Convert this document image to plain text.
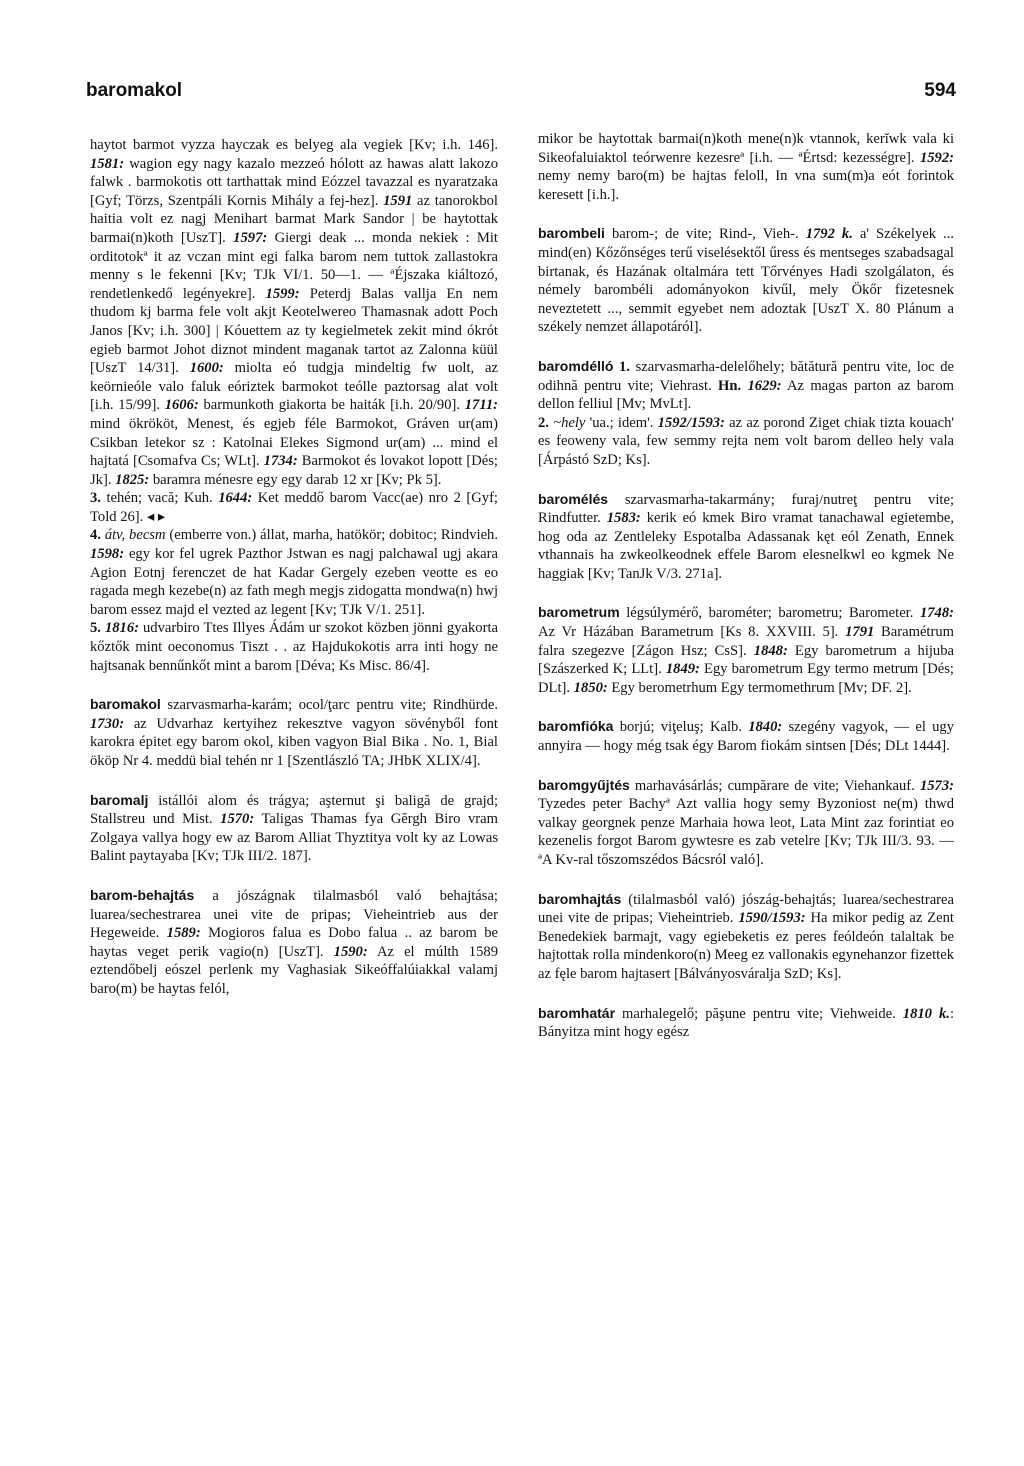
baromakol	594

haytot barmot vyzza hayczak es belyeg ala vegiek [Kv; i.h. 146]. 1581: wagion egy nagy kazalo mezzeó hólott az hawas alatt lakozo falwk . barmokotis ott tarthattak mind Eózzel tavazzal es nyaratzaka [Gyf; Törzs, Szentpáli Kornis Mihály a fej-hez]. 1591 az tanorokbol haitia volt ez nagj Menihart barmat Mark Sandor | be haytottak barmai(n)koth [UszT]. 1597: Giergi deak ... monda nekiek : Mit orditotokª it az vczan mint egi falka barom nem tuttok zallastokra menny s le fekenni [Kv; TJk VI/1. 50—1. — ªÉjszaka kiáltozó, rendetlenkedő legényekre]. 1599: Peterdj Balas vallja En nem thudom kj barma fele volt akjt Keotelwereo Thamasnak adott Poch Janos [Kv; i.h. 300] | Kóuettem az ty kegielmetek zekit mind ókrót egieb barmot Johot diznot mindent maganak tartot az Zalonna küül [UszT 14/31]. 1600: miolta eó tudgja mindeltig fw uolt, az keörnieóle valo faluk eóriztek barmokot teólle paztorsag alat volt [i.h. 15/99]. 1606: barmunkoth giakorta be haiták [i.h. 20/90]. 1711: mind ökrököt, Menest, és egjeb féle Barmokot, Gráven ur(am) Csikban letekor sz : Katolnai Elekes Sigmond ur(am) ... mind el hajtatá [Csomafva Cs; WLt]. 1734: Barmokot és lovakot lopott [Dés; Jk]. 1825: baramra ménesre egy egy darab 12 xr [Kv; Pk 5].

3. tehén; vacă; Kuh. 1644: Ket meddő barom Vacc(ae) nro 2 [Gyf; Told 26]. ◂ ▸

4. átv, becsm (emberre von.) állat, marha, hatökör; dobitoc; Rindvieh. 1598: egy kor fel ugrek Pazthor Jstwan es nagj palchawal ugj akara Agion Eotnj ferenczet de hat Kadar Gergely ezeben veotte es eo ragada megh kezebe(n) az fath megh megjs zidogatta mondwa(n) hwj barom essez majd el vezted az legent [Kv; TJk V/1. 251].

5. 1816: udvarbiro Ttes Illyes Ádám ur szokot közben jönni gyakorta kőztők mint oeconomus Tiszt . . az Hajdukokotis arra inti hogy ne hajtsanak bennűnkőt mint a barom [Déva; Ks Misc. 86/4].

baromakol szarvasmarha-karám; ocol/ţarc pentru vite; Rindhürde. 1730: az Udvarhaz kertyihez rekesztve vagyon sövényből font karokra épitet egy barom okol, kiben vagyon Bial Bika . No. 1, Bial ököр Nr 4. meddü bial tehén nr 1 [Szentlászló TA; JHbK XLIX/4].

baromalj istállói alom és trágya; aşternut şi baligă de grajd; Stallstreu und Mist. 1570: Taligas Thamas fya Gĕrgh Biro vram Zolgaya vallya hogy ew az Barom Alliat Thyztitya volt ky az Lowas Balint paytayaba [Kv; TJk III/2. 187].

barom-behajtás a jószágnak tilalmasból való behajtása; luarea/sechestrarea unei vite de pripas; Vieheintrieb aus der Hegeweide. 1589: Mogioros falua es Dobo falua .. az barom be haytas veget perik vagio(n) [UszT]. 1590: Az el múlth 1589 eztendőbelj eószel perlenk my Vaghasiak Sikeóffalúiakkal valamj baro(m) be haytas felól,

mikor be haytottak barmai(n)koth mene(n)k vtannok, kerĭwk vala ki Sikeofaluiaktol teórwenre kezesreª [i.h. — ªÉrtsd: kezességre]. 1592: nemy nemy baro(m) be hajtas feloll, In vna sum(m)a eót forintok keresett [i.h.].

barombeli barom-; de vite; Rind-, Vieh-. 1792 k. a' Székelyek ... mind(en) Kőzőnséges terű viselésektől űress és mentseges szabadsagal birtanak, és Hazának oltalmára tett Tőrvényes Hadi szolgálaton, és némely barombéli adományokon kivűl, mely Ökőr fizetesnek neveztetett ..., semmit egyebet nem adoztak [UszT X. 80 Plánum a székely nemzet állapotáról].

baromdélló 1. szarvasmarha-delelőhely; bătătură pentru vite, loc de odihnă pentru vite; Viehrast. Hn. 1629: Az magas parton az barom dellon felliul [Mv; MvLt].

2. ~hely 'ua.; idem'. 1592/1593: az az porond Ziget chiak tizta kouach' es feoweny vala, few semmy rejta nem volt barom delleo hely vala [Árpástó SzD; Ks].

baromélés szarvasmarha-takarmány; furaj/nutreţ pentru vite; Rindfutter. 1583: kerik eó kmek Biro vramat tanachawal egietembe, hog oda az Zentleleky Espotalba Adassanak kęt eól Zenath, Ennek vthannais ha zwkeolkeodnek effele Barom elesnelkwl eo kgmek Ne haggiak [Kv; TanJk V/3. 271a].

barometrum légsúlymérő, barométer; barometru; Barometer. 1748: Az Vr Házában Barametrum [Ks 8. XXVIII. 5]. 1791 Baramétrum falra szegezve [Zágon Hsz; CsS]. 1848: Egy barometrum a hijuba [Szászerked K; LLt]. 1849: Egy barometrum Egy termo metrum [Dés; DLt]. 1850: Egy berometrhum Egy termomethrum [Mv; DF. 2].

baromfióka borjú; viţeluş; Kalb. 1840: szegény vagyok, — el ugy annyira — hogy még tsak égy Barom fiokám sintsen [Dés; DLt 1444].

baromgyűjtés marhavásárlás; cumpărare de vite; Viehankauf. 1573: Tyzedes peter Bachyª Azt vallia hogy semy Byzoniost ne(m) thwd valkay georgnek penze Marhaia howa leot, Lata Mint zaz forintiat eo kezenelis forgot Barom gywtesre es zab vetelre [Kv; TJk III/3. 93. — ªA Kv-ral tőszomszédos Bácsról való].

baromhajtás (tilalmasból való) jószág-behajtás; luarea/sechestrarea unei vite de pripas; Vieheintrieb. 1590/1593: Ha mikor pedig az Zent Benedekiek barmajt, vagy egiebeketis ez peres feóldeón talaltak be hajtottak rolla mindenkoro(n) Meeg ez vallonakis egynehanzor fizettek az fęle barom hajtasert [Bálványosváralja SzD; Ks].

baromhatár marhalegelő; păşune pentru vite; Viehweide. 1810 k.: Bányitza mint hogy egész
